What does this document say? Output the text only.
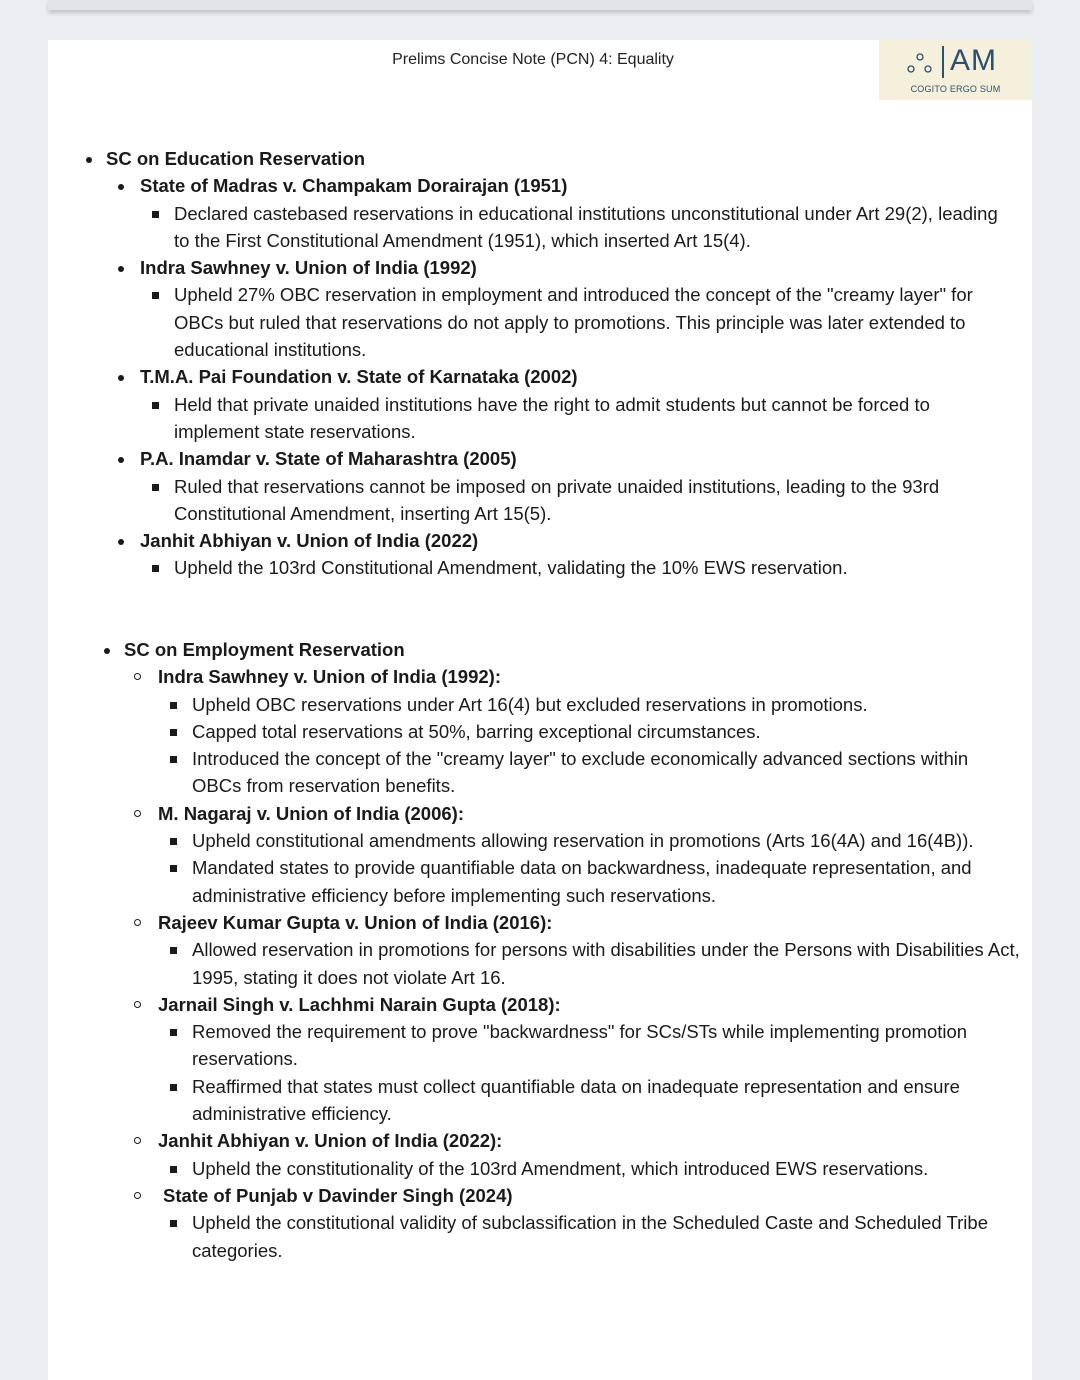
Prelims Concise Note (PCN) 4: Equality	AM
COGITO ERGO SUM
SC on Education Reservation
State of Madras v. Champakam Dorairajan (1951)
Declared castebased reservations in educational institutions unconstitutional under Art 29(2), leading to the First Constitutional Amendment (1951), which inserted Art 15(4).
Indra Sawhney v. Union of India (1992)
Upheld 27% OBC reservation in employment and introduced the concept of the "creamy layer" for OBCs but ruled that reservations do not apply to promotions. This principle was later extended to educational institutions.
T.M.A. Pai Foundation v. State of Karnataka (2002)
Held that private unaided institutions have the right to admit students but cannot be forced to implement state reservations.
P.A. Inamdar v. State of Maharashtra (2005)
Ruled that reservations cannot be imposed on private unaided institutions, leading to the 93rd Constitutional Amendment, inserting Art 15(5).
Janhit Abhiyan v. Union of India (2022)
Upheld the 103rd Constitutional Amendment, validating the 10% EWS reservation.
SC on Employment Reservation
Indra Sawhney v. Union of India (1992):
Upheld OBC reservations under Art 16(4) but excluded reservations in promotions.
Capped total reservations at 50%, barring exceptional circumstances.
Introduced the concept of the "creamy layer" to exclude economically advanced sections within OBCs from reservation benefits.
M. Nagaraj v. Union of India (2006):
Upheld constitutional amendments allowing reservation in promotions (Arts 16(4A) and 16(4B)).
Mandated states to provide quantifiable data on backwardness, inadequate representation, and administrative efficiency before implementing such reservations.
Rajeev Kumar Gupta v. Union of India (2016):
Allowed reservation in promotions for persons with disabilities under the Persons with Disabilities Act, 1995, stating it does not violate Art 16.
Jarnail Singh v. Lachhmi Narain Gupta (2018):
Removed the requirement to prove "backwardness" for SCs/STs while implementing promotion reservations.
Reaffirmed that states must collect quantifiable data on inadequate representation and ensure administrative efficiency.
Janhit Abhiyan v. Union of India (2022):
Upheld the constitutionality of the 103rd Amendment, which introduced EWS reservations.
State of Punjab v Davinder Singh (2024)
Upheld the constitutional validity of subclassification in the Scheduled Caste and Scheduled Tribe categories.
